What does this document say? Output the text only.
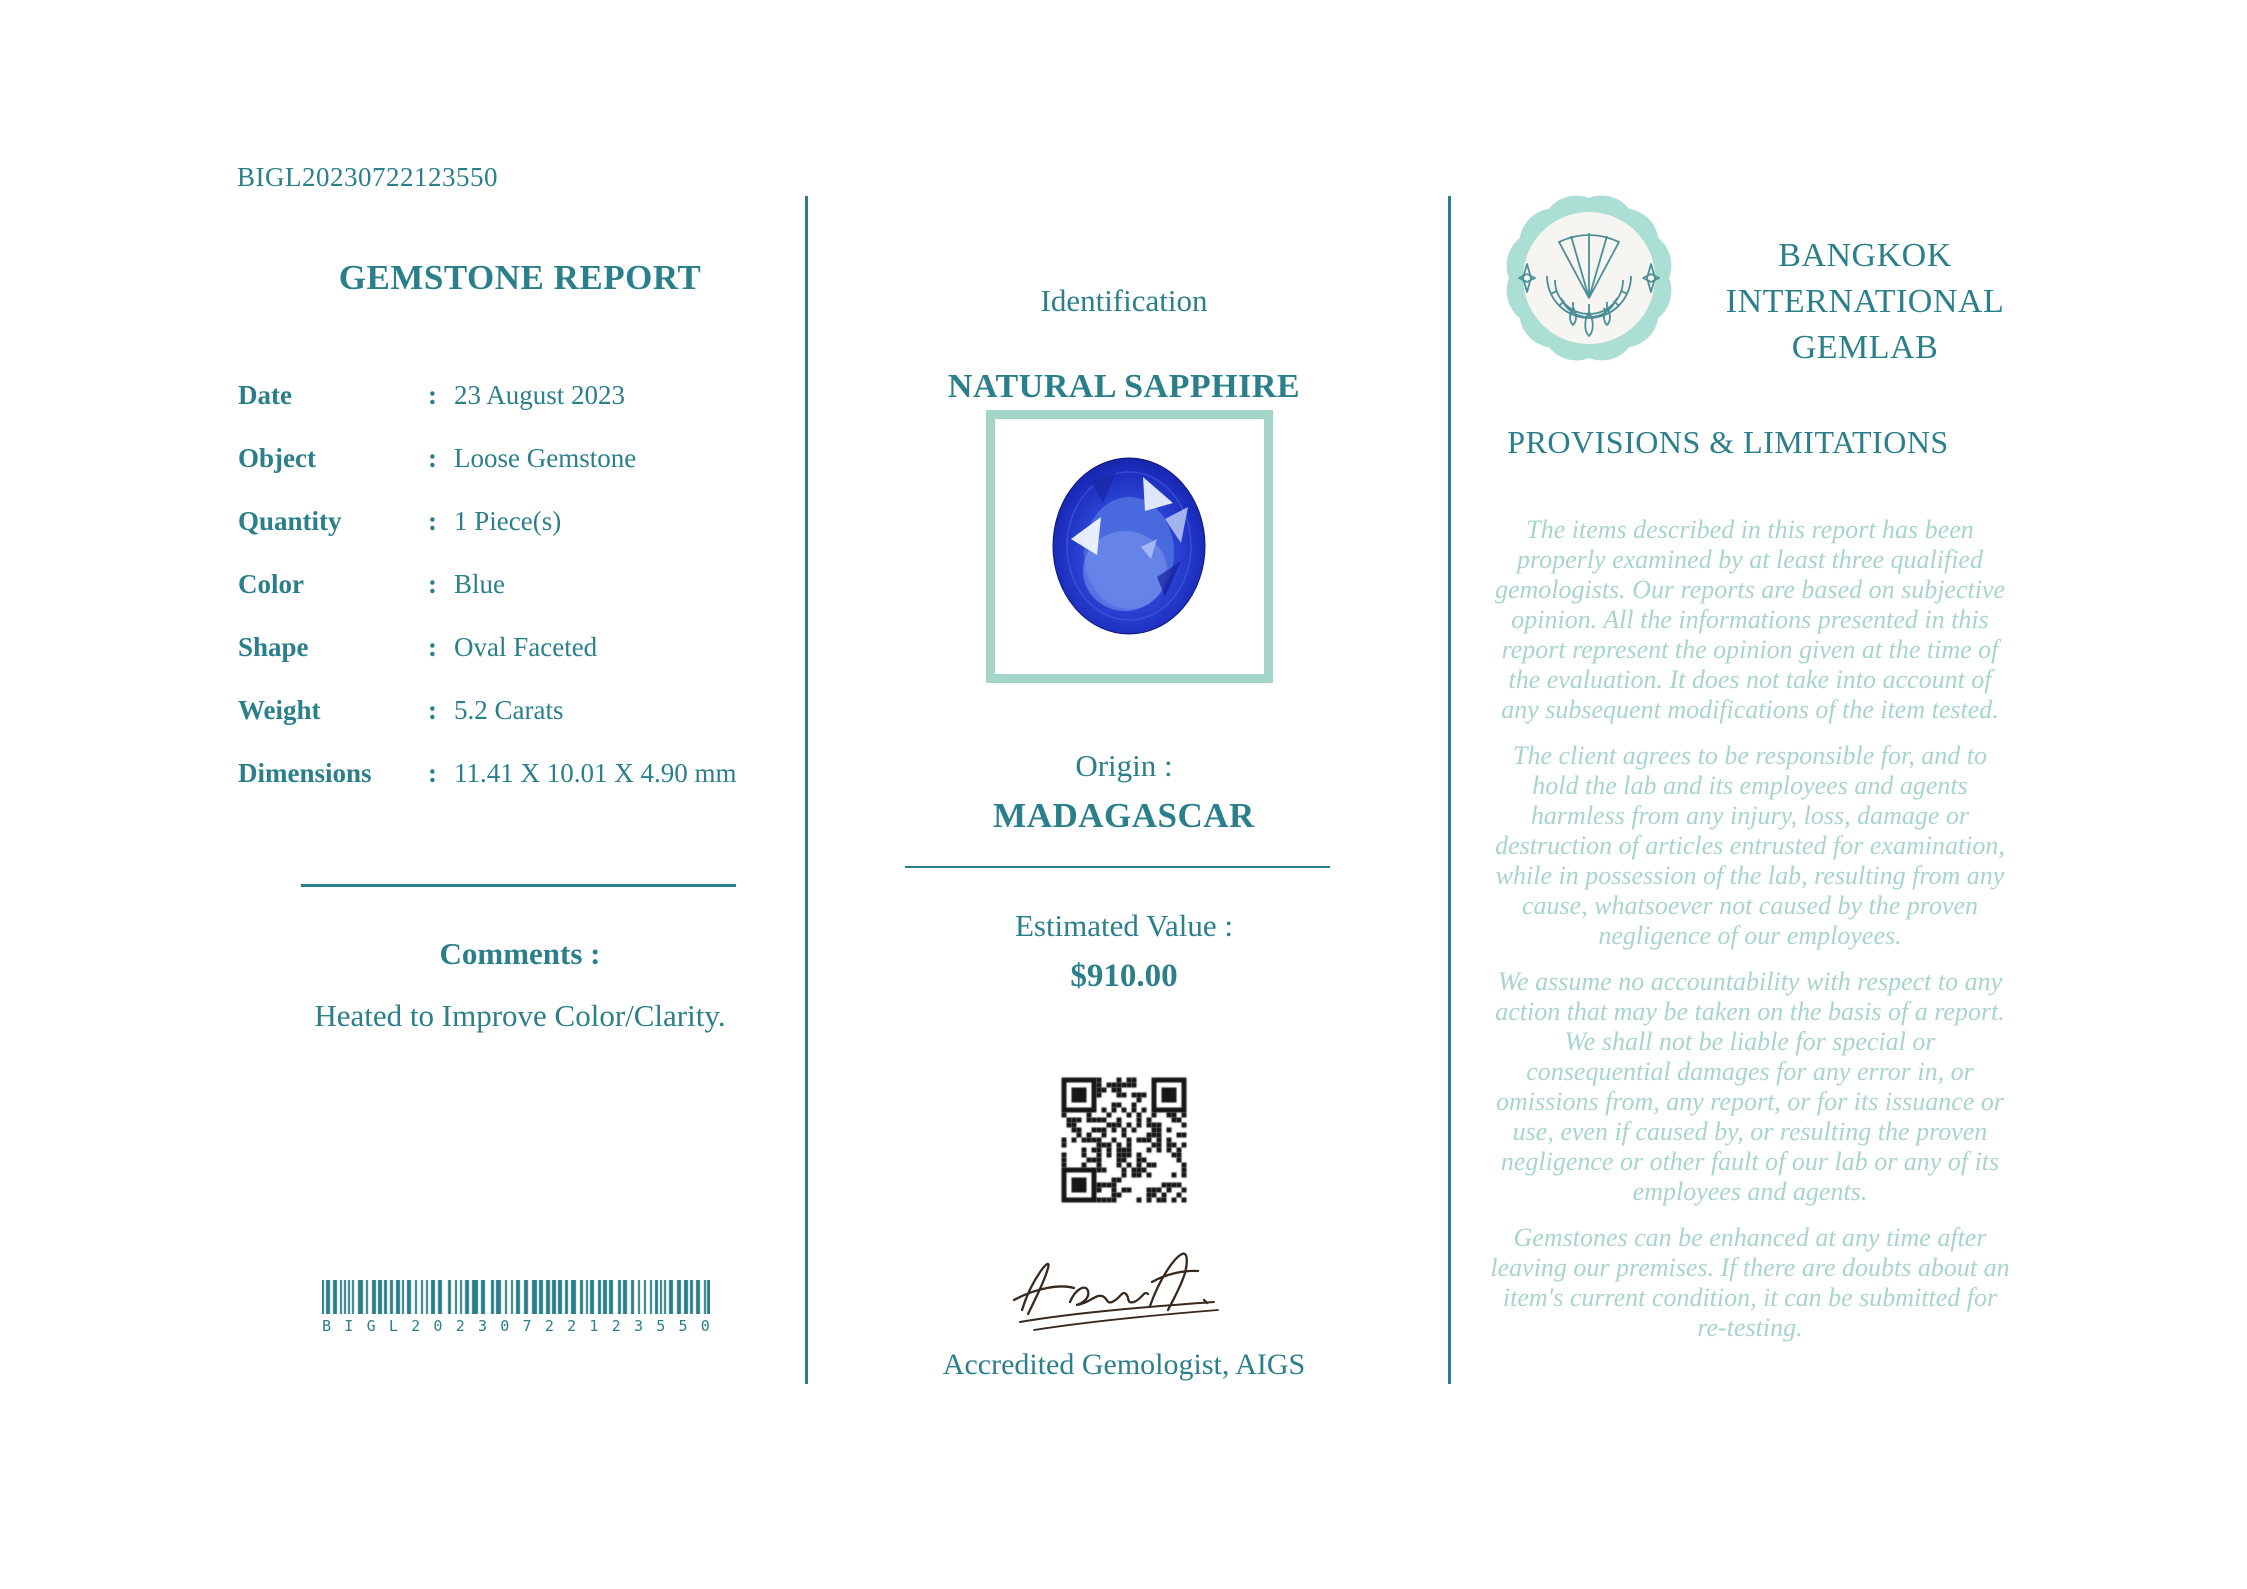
BIGL20230722123550
GEMSTONE REPORT
Date	: 23 August 2023
Object	: Loose Gemstone
Quantity	: 1 Piece(s)
Color	: Blue
Shape	: Oval Faceted
Weight	: 5.2 Carats
Dimensions	: 11.41 X 10.01 X 4.90 mm
Comments :
Heated to Improve Color/Clarity.
B I G L 2 0 2 3 0 7 2 2 1 2 3 5 5 0
Identification
NATURAL SAPPHIRE
Origin :
MADAGASCAR
Estimated Value :
$910.00
Accredited Gemologist, AIGS
BANGKOK
INTERNATIONAL
GEMLAB
PROVISIONS & LIMITATIONS

The items described in this report has been properly examined by at least three qualified gemologists. Our reports are based on subjective opinion. All the informations presented in this report represent the opinion given at the time of the evaluation. It does not take into account of any subsequent modifications of the item tested.

The client agrees to be responsible for, and to hold the lab and its employees and agents harmless from any injury, loss, damage or destruction of articles entrusted for examination, while in possession of the lab, resulting from any cause, whatsoever not caused by the proven negligence of our employees.

We assume no accountability with respect to any action that may be taken on the basis of a report. We shall not be liable for special or consequential damages for any error in, or omissions from, any report, or for its issuance or use, even if caused by, or resulting the proven negligence or other fault of our lab or any of its employees and agents.

Gemstones can be enhanced at any time after leaving our premises. If there are doubts about an item's current condition, it can be submitted for re-testing.
